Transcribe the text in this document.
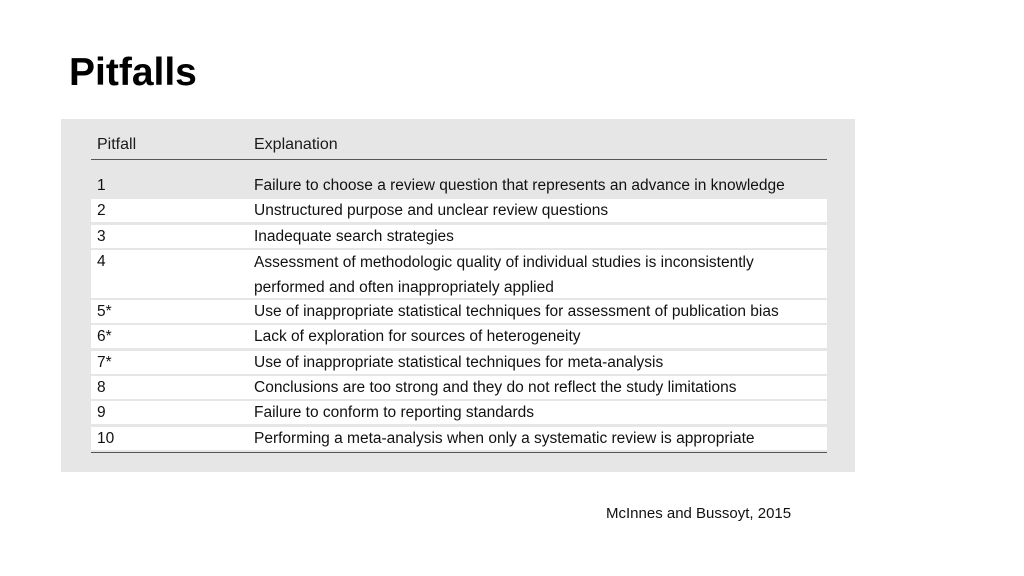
Pitfalls
Pitfall	Explanation
1	Failure to choose a review question that represents an advance in knowledge
2	Unstructured purpose and unclear review questions
3	Inadequate search strategies
4	Assessment of methodologic quality of individual studies is inconsistently performed and often inappropriately applied
5*	Use of inappropriate statistical techniques for assessment of publication bias
6*	Lack of exploration for sources of heterogeneity
7*	Use of inappropriate statistical techniques for meta-analysis
8	Conclusions are too strong and they do not reflect the study limitations
9	Failure to conform to reporting standards
10	Performing a meta-analysis when only a systematic review is appropriate
McInnes and Bussoyt, 2015
